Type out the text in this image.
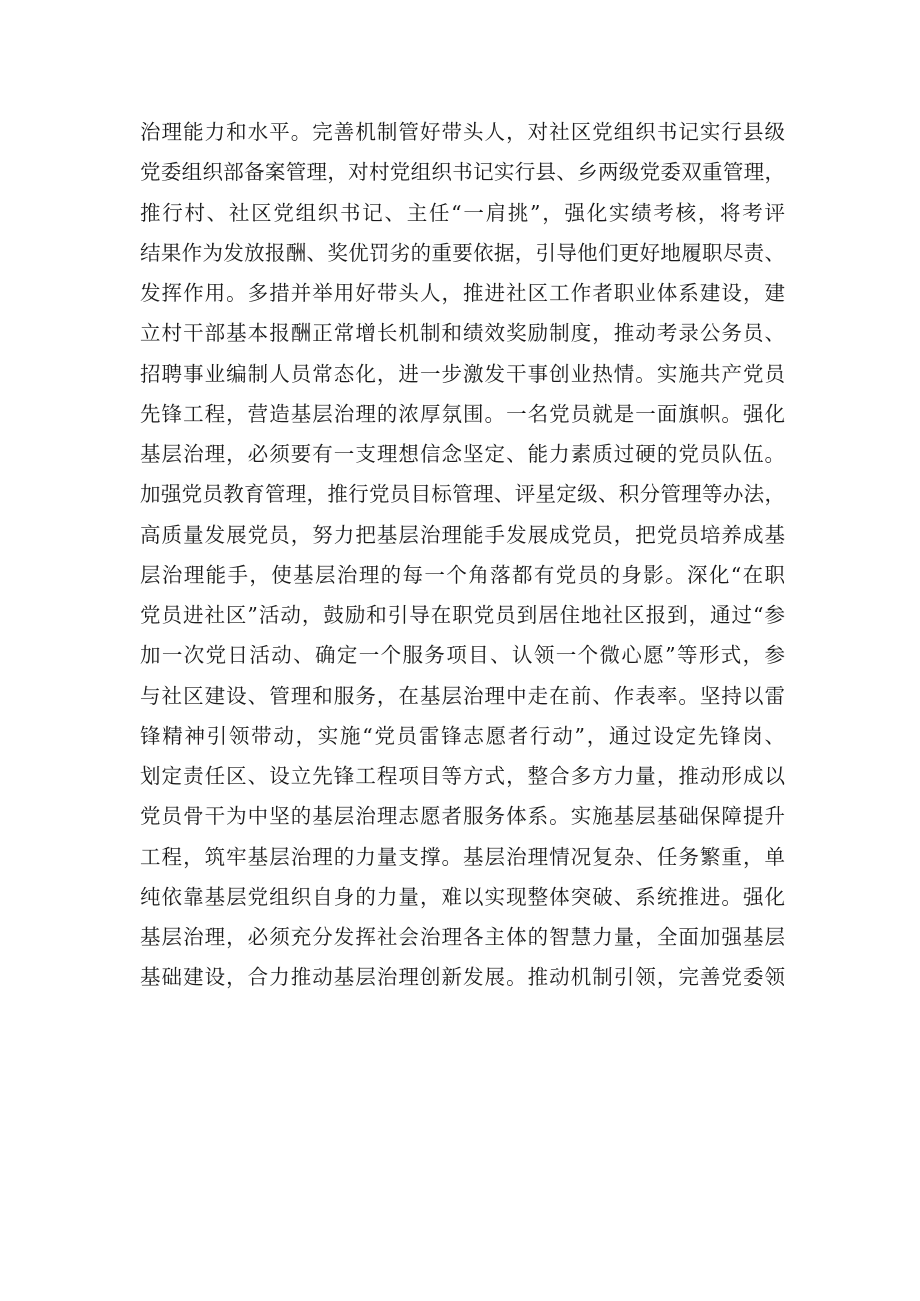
治理能力和水平。完善机制管好带头人，对社区党组织书记实行县级
党委组织部备案管理，对村党组织书记实行县、乡两级党委双重管理，
推行村、社区党组织书记、主任“一肩挑”，强化实绩考核，将考评
结果作为发放报酬、奖优罚劣的重要依据，引导他们更好地履职尽责、
发挥作用。多措并举用好带头人，推进社区工作者职业体系建设，建
立村干部基本报酬正常增长机制和绩效奖励制度，推动考录公务员、
招聘事业编制人员常态化，进一步激发干事创业热情。实施共产党员
先锋工程，营造基层治理的浓厚氛围。一名党员就是一面旗帜。强化
基层治理，必须要有一支理想信念坚定、能力素质过硬的党员队伍。
加强党员教育管理，推行党员目标管理、评星定级、积分管理等办法，
高质量发展党员，努力把基层治理能手发展成党员，把党员培养成基
层治理能手，使基层治理的每一个角落都有党员的身影。深化“在职
党员进社区”活动，鼓励和引导在职党员到居住地社区报到，通过“参
加一次党日活动、确定一个服务项目、认领一个微心愿”等形式，参
与社区建设、管理和服务，在基层治理中走在前、作表率。坚持以雷
锋精神引领带动，实施“党员雷锋志愿者行动”，通过设定先锋岗、
划定责任区、设立先锋工程项目等方式，整合多方力量，推动形成以
党员骨干为中坚的基层治理志愿者服务体系。实施基层基础保障提升
工程，筑牢基层治理的力量支撑。基层治理情况复杂、任务繁重，单
纯依靠基层党组织自身的力量，难以实现整体突破、系统推进。强化
基层治理，必须充分发挥社会治理各主体的智慧力量，全面加强基层
基础建设，合力推动基层治理创新发展。推动机制引领，完善党委领
